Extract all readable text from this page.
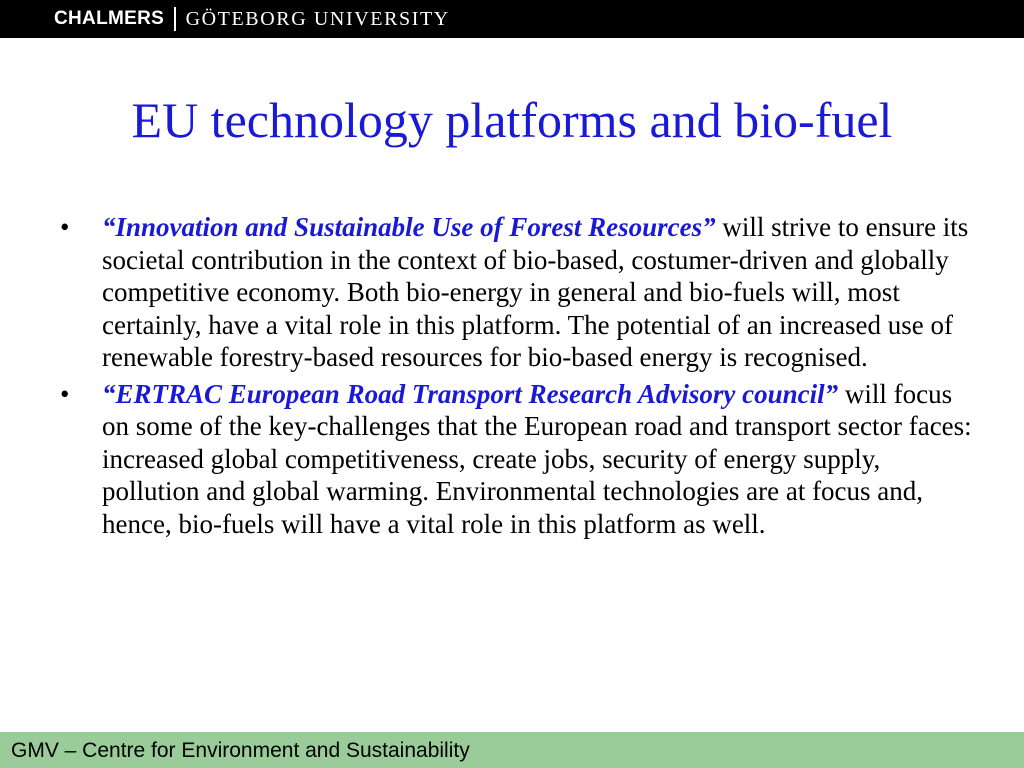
CHALMERS GÖTEBORG UNIVERSITY
EU technology platforms and bio-fuel
•	“Innovation and Sustainable Use of Forest Resources” will strive to ensure its societal contribution in the context of bio-based, costumer-driven and globally competitive economy. Both bio-energy in general and bio-fuels will, most certainly, have a vital role in this platform. The potential of an increased use of renewable forestry-based resources for bio-based energy is recognised.
•	“ERTRAC European Road Transport Research Advisory council” will focus on some of the key-challenges that the European road and transport sector faces: increased global competitiveness, create jobs, security of energy supply, pollution and global warming. Environmental technologies are at focus and, hence, bio-fuels will have a vital role in this platform as well.
GMV – Centre for Environment and Sustainability
